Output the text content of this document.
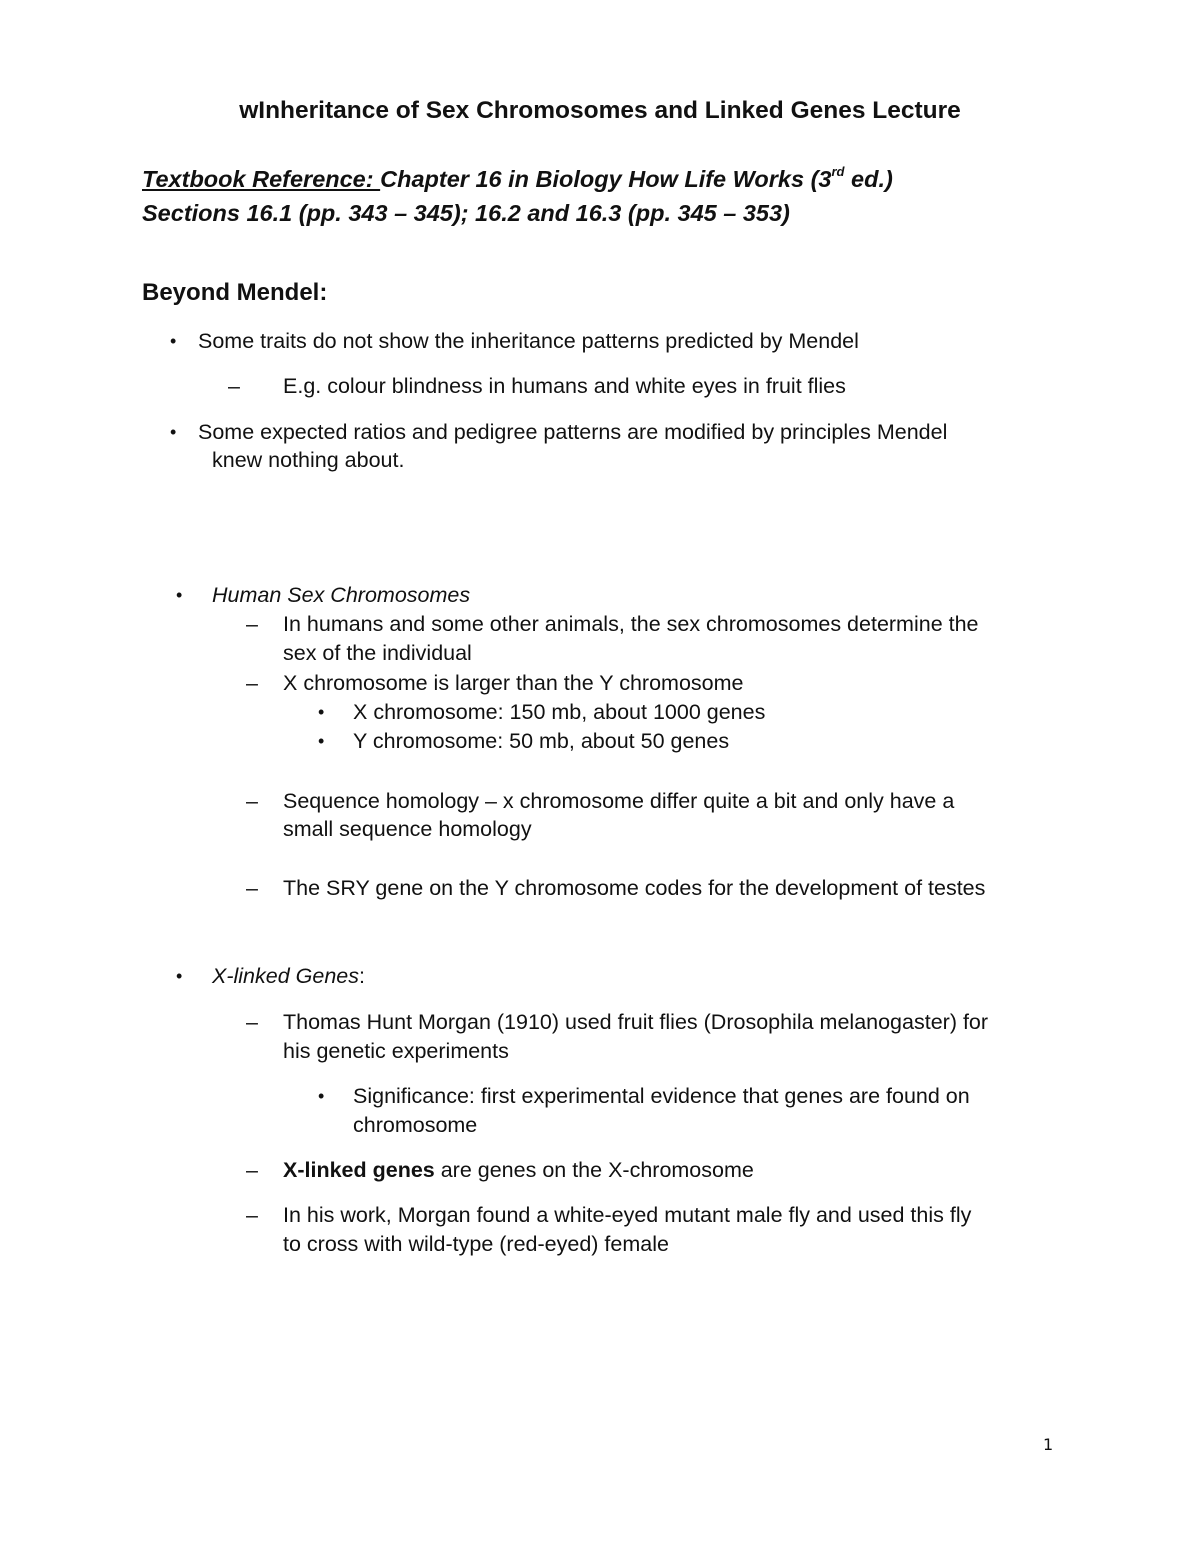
wInheritance of Sex Chromosomes and Linked Genes Lecture
Textbook Reference: Chapter 16 in Biology How Life Works (3rd ed.)
Sections 16.1 (pp. 343 – 345); 16.2 and 16.3 (pp. 345 – 353)
Beyond Mendel:
• Some traits do not show the inheritance patterns predicted by Mendel
– E.g. colour blindness in humans and white eyes in fruit flies
• Some expected ratios and pedigree patterns are modified by principles Mendel
knew nothing about.
• Human Sex Chromosomes
– In humans and some other animals, the sex chromosomes determine the
sex of the individual
– X chromosome is larger than the Y chromosome
• X chromosome: 150 mb, about 1000 genes
• Y chromosome: 50 mb, about 50 genes
– Sequence homology – x chromosome differ quite a bit and only have a
small sequence homology
– The SRY gene on the Y chromosome codes for the development of testes
• X-linked Genes:
– Thomas Hunt Morgan (1910) used fruit flies (Drosophila melanogaster) for
his genetic experiments
• Significance: first experimental evidence that genes are found on
chromosome
– X-linked genes are genes on the X-chromosome
– In his work, Morgan found a white-eyed mutant male fly and used this fly
to cross with wild-type (red-eyed) female
1
